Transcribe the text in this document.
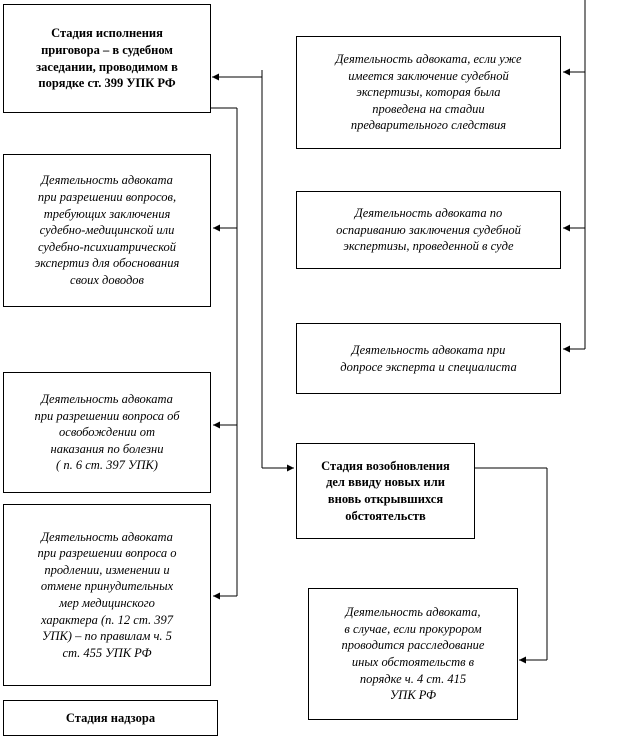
Стадия исполнения
приговора – в судебном
заседании, проводимом в
порядке ст. 399 УПК РФ
Деятельность адвоката
при разрешении вопросов,
требующих заключения
судебно-медицинской или
судебно-психиатрической
экспертиз для обоснования
своих доводов
Деятельность адвоката
при разрешении вопроса об
освобождении от
наказания по болезни
( п. 6 ст. 397 УПК)
Деятельность адвоката
при разрешении вопроса о
продлении, изменении и
отмене принудительных
мер медицинского
характера (п. 12 ст. 397
УПК) – по правилам ч. 5
ст. 455 УПК РФ
Стадия надзора
Деятельность адвоката, если уже
имеется заключение судебной
экспертизы, которая была
проведена на стадии
предварительного следствия
Деятельность адвоката по
оспариванию заключения судебной
экспертизы, проведенной в суде
Деятельность адвоката при
допросе эксперта и специалиста
Стадия возобновления
дел ввиду новых или
вновь открывшихся
обстоятельств
Деятельность адвоката,
в случае, если прокурором
проводится расследование
иных обстоятельств в
порядке ч. 4 ст. 415
УПК РФ
